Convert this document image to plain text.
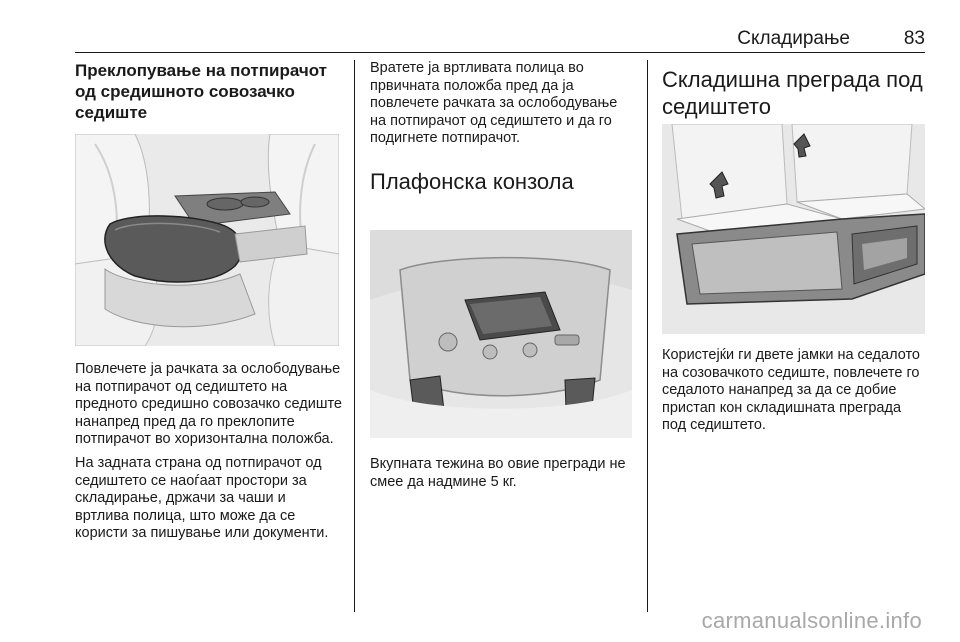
Складирање	83
Преклопување на потпирачот од средишното совозачко седиште

Повлечете ја рачката за ослободување на потпирачот од седиштето на предното средишно совозачко седиште нанапред пред да го преклопите потпирачот во хоризонтална положба.

На задната страна од потпирачот од седиштето се наоѓаат простори за складирање, држачи за чаши и вртлива полица, што може да се користи за пишување или документи.

Вратете ја вртливата полица во првичната положба пред да ја повлечете рачката за ослободување на потпирачот од седиштето и да го подигнете потпирачот.

Плафонска конзола

Вкупната тежина во овие прегради не смее да надмине 5 кг.

Складишна преграда под седиштето

Користејќи ги двете јамки на седалото на созовачкото седиште, повлечете го седалото нанапред за да се добие пристап кон складишната преграда под седиштето.

carmanualsonline.info
